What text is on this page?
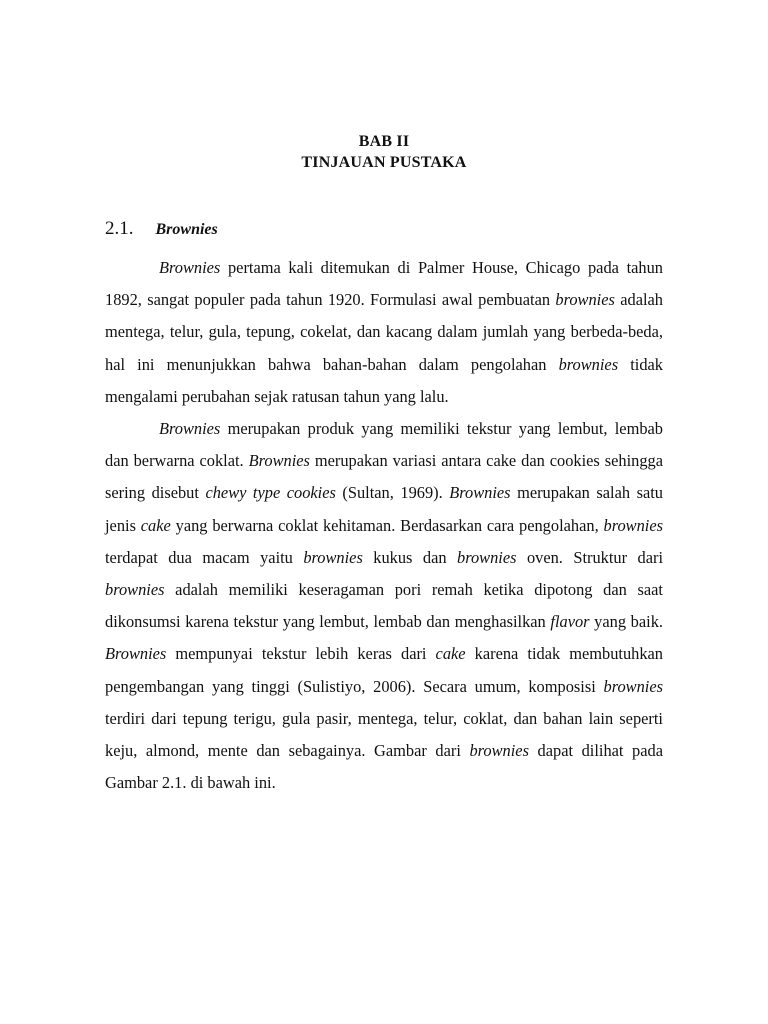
BAB II
TINJAUAN PUSTAKA
2.1. Brownies

Brownies pertama kali ditemukan di Palmer House, Chicago pada tahun 1892, sangat populer pada tahun 1920. Formulasi awal pembuatan brownies adalah mentega, telur, gula, tepung, cokelat, dan kacang dalam jumlah yang berbeda-beda, hal ini menunjukkan bahwa bahan-bahan dalam pengolahan brownies tidak mengalami perubahan sejak ratusan tahun yang lalu.

Brownies merupakan produk yang memiliki tekstur yang lembut, lembab dan berwarna coklat. Brownies merupakan variasi antara cake dan cookies sehingga sering disebut chewy type cookies (Sultan, 1969). Brownies merupakan salah satu jenis cake yang berwarna coklat kehitaman. Berdasarkan cara pengolahan, brownies terdapat dua macam yaitu brownies kukus dan brownies oven. Struktur dari brownies adalah memiliki keseragaman pori remah ketika dipotong dan saat dikonsumsi karena tekstur yang lembut, lembab dan menghasilkan flavor yang baik. Brownies mempunyai tekstur lebih keras dari cake karena tidak membutuhkan pengembangan yang tinggi (Sulistiyo, 2006). Secara umum, komposisi brownies terdiri dari tepung terigu, gula pasir, mentega, telur, coklat, dan bahan lain seperti keju, almond, mente dan sebagainya. Gambar dari brownies dapat dilihat pada Gambar 2.1. di bawah ini.
